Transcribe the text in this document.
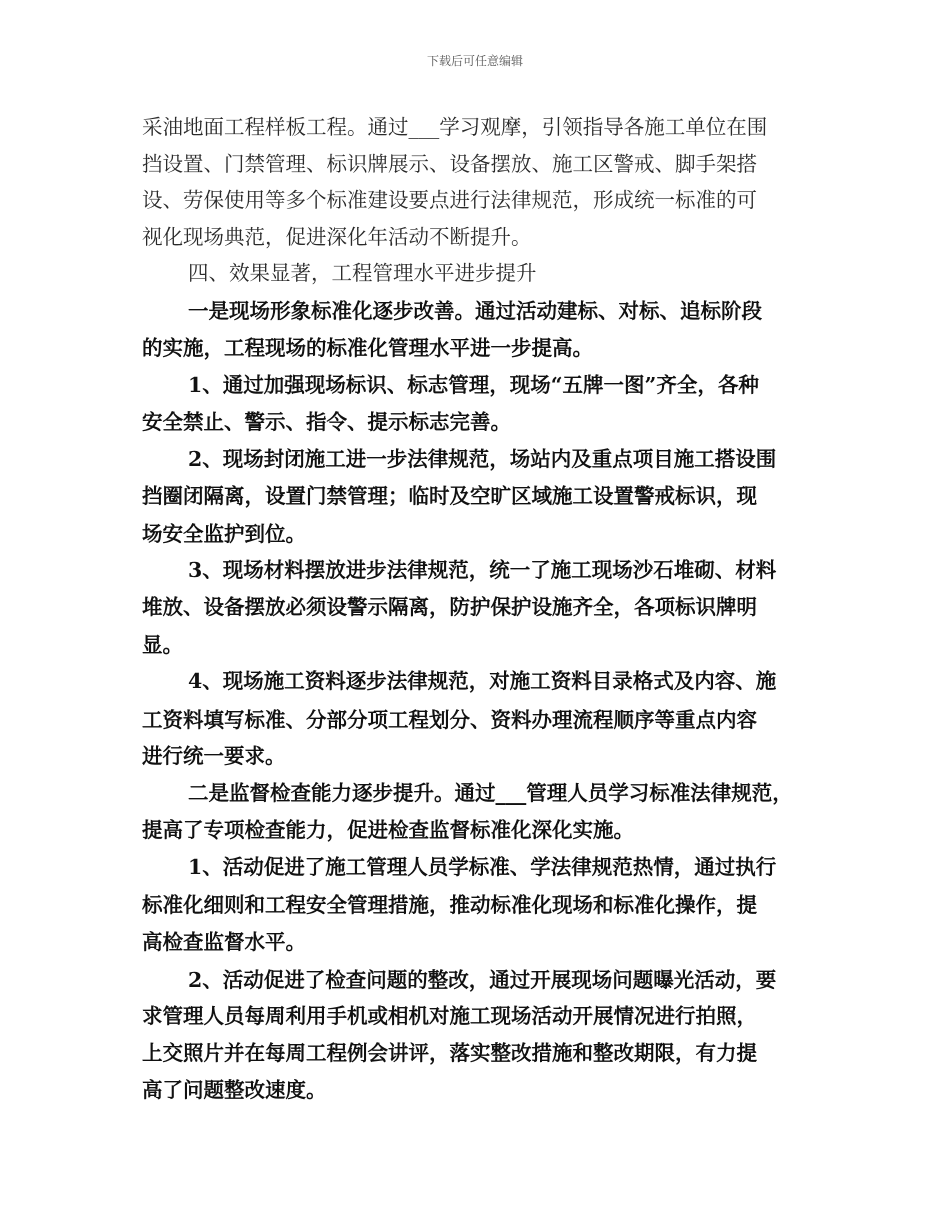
下载后可任意编辑
采油地面工程样板工程。通过___学习观摩，引领指导各施工单位在围
挡设置、门禁管理、标识牌展示、设备摆放、施工区警戒、脚手架搭
设、劳保使用等多个标准建设要点进行法律规范，形成统一标准的可
视化现场典范，促进深化年活动不断提升。
四、效果显著，工程管理水平进步提升
一是现场形象标准化逐步改善。通过活动建标、对标、追标阶段
的实施，工程现场的标准化管理水平进一步提高。
1、通过加强现场标识、标志管理，现场“五牌一图”齐全，各种
安全禁止、警示、指令、提示标志完善。
2、现场封闭施工进一步法律规范，场站内及重点项目施工搭设围
挡圈闭隔离，设置门禁管理；临时及空旷区域施工设置警戒标识，现
场安全监护到位。
3、现场材料摆放进步法律规范，统一了施工现场沙石堆砌、材料
堆放、设备摆放必须设警示隔离，防护保护设施齐全，各项标识牌明
显。
4、现场施工资料逐步法律规范，对施工资料目录格式及内容、施
工资料填写标准、分部分项工程划分、资料办理流程顺序等重点内容
进行统一要求。
二是监督检查能力逐步提升。通过___管理人员学习标准法律规范，
提高了专项检查能力，促进检查监督标准化深化实施。
1、活动促进了施工管理人员学标准、学法律规范热情，通过执行
标准化细则和工程安全管理措施，推动标准化现场和标准化操作，提
高检查监督水平。
2、活动促进了检查问题的整改，通过开展现场问题曝光活动，要
求管理人员每周利用手机或相机对施工现场活动开展情况进行拍照，
上交照片并在每周工程例会讲评，落实整改措施和整改期限，有力提
高了问题整改速度。
